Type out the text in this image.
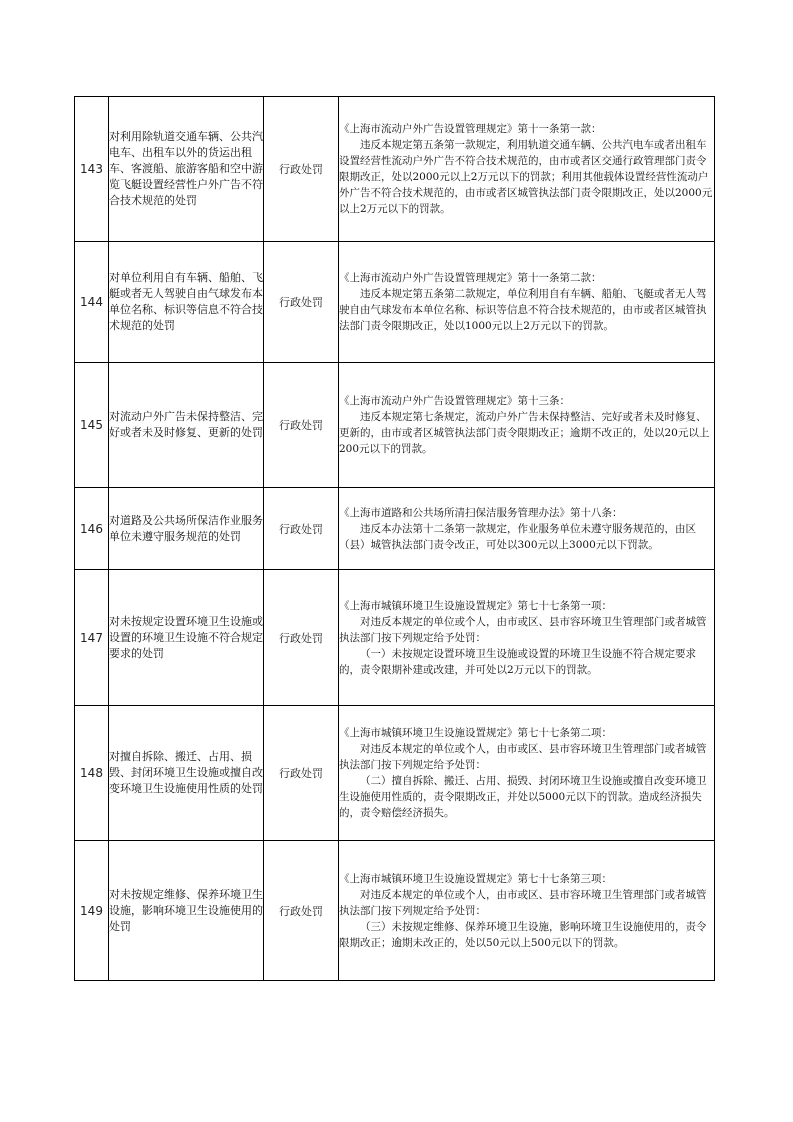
143	对利用除轨道交通车辆、公共汽电车、出租车以外的货运出租车、客渡船、旅游客船和空中游览飞艇设置经营性户外广告不符合技术规范的处罚	行政处罚	《上海市流动户外广告设置管理规定》第十一条第一款：

违反本规定第五条第一款规定，利用轨道交通车辆、公共汽电车或者出租车设置经营性流动户外广告不符合技术规范的，由市或者区交通行政管理部门责令限期改正，处以2000元以上2万元以下的罚款；利用其他载体设置经营性流动户外广告不符合技术规范的，由市或者区城管执法部门责令限期改正，处以2000元以上2万元以下的罚款。

144	对单位利用自有车辆、船舶、飞艇或者无人驾驶自由气球发布本单位名称、标识等信息不符合技术规范的处罚	行政处罚	《上海市流动户外广告设置管理规定》第十一条第二款：

违反本规定第五条第二款规定，单位利用自有车辆、船舶、飞艇或者无人驾驶自由气球发布本单位名称、标识等信息不符合技术规范的，由市或者区城管执法部门责令限期改正，处以1000元以上2万元以下的罚款。

145	对流动户外广告未保持整洁、完好或者未及时修复、更新的处罚	行政处罚	《上海市流动户外广告设置管理规定》第十三条：

违反本规定第七条规定，流动户外广告未保持整洁、完好或者未及时修复、更新的，由市或者区城管执法部门责令限期改正；逾期不改正的，处以20元以上200元以下的罚款。

146	对道路及公共场所保洁作业服务单位未遵守服务规范的处罚	行政处罚	《上海市道路和公共场所清扫保洁服务管理办法》第十八条：

违反本办法第十二条第一款规定，作业服务单位未遵守服务规范的，由区（县）城管执法部门责令改正，可处以300元以上3000元以下罚款。

147	对未按规定设置环境卫生设施或设置的环境卫生设施不符合规定要求的处罚	行政处罚	《上海市城镇环境卫生设施设置规定》第七十七条第一项：

对违反本规定的单位或个人，由市或区、县市容环境卫生管理部门或者城管执法部门按下列规定给予处罚：

（一）未按规定设置环境卫生设施或设置的环境卫生设施不符合规定要求的，责令限期补建或改建，并可处以2万元以下的罚款。

148	对擅自拆除、搬迁、占用、损毁、封闭环境卫生设施或擅自改变环境卫生设施使用性质的处罚	行政处罚	《上海市城镇环境卫生设施设置规定》第七十七条第二项：

对违反本规定的单位或个人，由市或区、县市容环境卫生管理部门或者城管执法部门按下列规定给予处罚：

（二）擅自拆除、搬迁、占用、损毁、封闭环境卫生设施或擅自改变环境卫生设施使用性质的，责令限期改正，并处以5000元以下的罚款。造成经济损失的，责令赔偿经济损失。

149	对未按规定维修、保养环境卫生设施，影响环境卫生设施使用的处罚	行政处罚	《上海市城镇环境卫生设施设置规定》第七十七条第三项：

对违反本规定的单位或个人，由市或区、县市容环境卫生管理部门或者城管执法部门按下列规定给予处罚：

（三）未按规定维修、保养环境卫生设施，影响环境卫生设施使用的，责令限期改正；逾期未改正的，处以50元以上500元以下的罚款。
